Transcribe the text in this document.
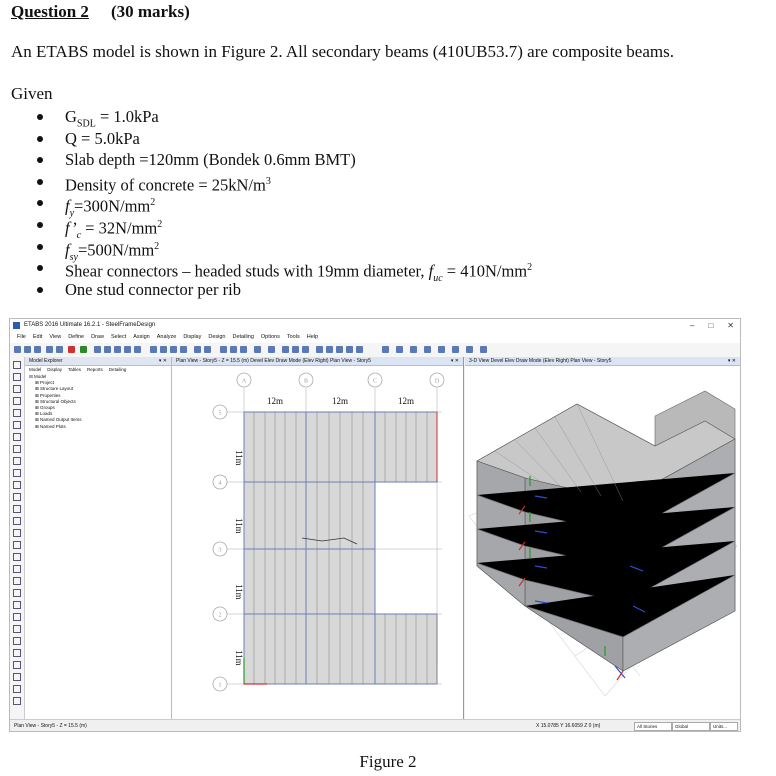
Question 2 (30 marks)
An ETABS model is shown in Figure 2. All secondary beams (410UB53.7) are composite beams.
Given
$G_{SDL} = 1.0kPa$
Q = 5.0kPa
Slab depth =120mm (Bondek 0.6mm BMT)
Density of concrete = $25kN/m^3$
$f_y=300N/mm^2$
$f’_c = 32N/mm^2$
$f_{sy}=500N/mm^2$
Shear connectors – headed studs with 19mm diameter, $f_{uc} = 410N/mm^2$
One stud connector per rib
ETABS 2016 Ultimate 16.2.1 - SteelFrameDesign	– □ ✕
File Edit View Define Draw Select Assign Analyze Display Design Detailing Options Tools Help
Model Explorer	▾ ✕
Model Display Tables Reports Detailing
⊟ Model
⊞ Project
⊞ Structure Layout
⊞ Properties
⊞ Structural Objects
⊞ Groups
⊞ Loads
⊞ Named Output Items
⊞ Named Plots
Plan View - Story5 - Z = 15.5 (m) Devel Elev Draw Mode (Elev Right) Plan View - Story5	▾ ✕
12m	12m	12m
11m
11m
11m
11m
A	B	C	D
5
4
3
2
1
3-D View Devel Elev Draw Mode (Elev Right) Plan View - Story5	▾ ✕
Plan View - Story5 - Z = 15.5 (m)	X 15.0785 Y 16.6059 Z 0 (m)	All Stories	Global	Units...
Figure 2
